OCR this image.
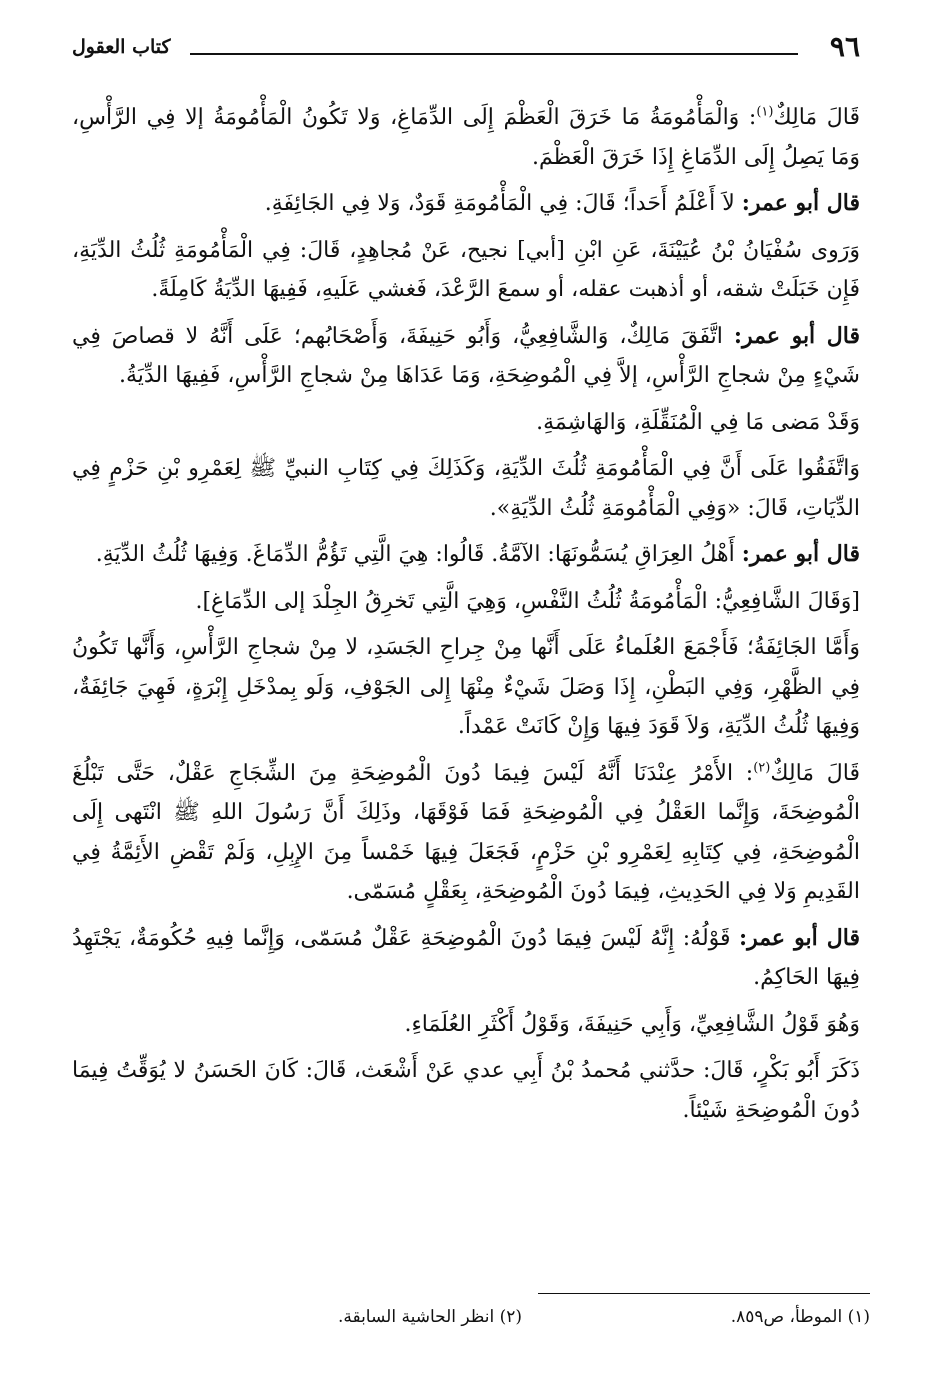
٩٦
كتاب العقول

قَالَ مَالِكٌ$^{(١)}$: وَالْمَأْمُومَةُ مَا خَرَقَ الْعَظْمَ إِلَى الدِّمَاغِ، وَلا تَكُونُ الْمَأْمُومَةُ إلا فِي الرَّأْسِ، وَمَا يَصِلُ إِلَى الدِّمَاغِ إِذَا خَرَقَ الْعَظْمَ.

قال أبو عمر: لاَ أَعْلَمُ أَحَداً؛ قَالَ: فِي الْمَأْمُومَةِ قَوَدٌ، وَلا فِي الجَائِفَةِ.

وَرَوى سُفْيَانُ بْنُ عُيَيْنَةَ، عَنِ ابْنِ [أبي] نجيح، عَنْ مُجاهِدٍ، قَالَ: فِي الْمَأْمُومَةِ ثُلُثُ الدِّيَةِ، فَإِن خَبَلَتْ شقه، أو أذهبت عقله، أو سمعَ الرَّعْدَ، فَغشي عَلَيهِ، فَفِيهَا الدِّيَةُ كَامِلَةً.

قال أبو عمر: اتَّفَقَ مَالِكٌ، وَالشَّافِعِيُّ، وَأَبُو حَنِيفَةَ، وَأَصْحَابُهم؛ عَلَى أَنَّهُ لا قصاصَ فِي شَيْءٍ مِنْ شجاجِ الرَّأْسِ، إلاَّ فِي الْمُوضِحَةِ، وَمَا عَدَاهَا مِنْ شجاجِ الرَّأْسِ، فَفِيهَا الدِّيَةُ.

وَقَدْ مَضى مَا فِي الْمُنَقِّلَةِ، وَالهَاشِمَةِ.

وَاتَّفَقُوا عَلَى أَنَّ فِي الْمَأْمُومَةِ ثُلُثَ الدِّيَةِ، وَكَذَلِكَ فِي كِتَابِ النبيِّ ﷺ لِعَمْرِو بْنِ حَزْمٍ فِي الدِّيَاتِ، قَالَ: «وَفِي الْمَأْمُومَةِ ثُلُثُ الدِّيَةِ».

قال أبو عمر: أَهْلُ العِرَاقِ يُسَمُّونَهَا: الآمَّةُ. قَالُوا: هِيَ الَّتِي تَؤُمُّ الدِّمَاغَ. وَفِيهَا ثُلُثُ الدِّيَةِ.

[وَقَالَ الشَّافِعِيُّ: الْمَأْمُومَةُ ثُلُثُ النَّفْسِ، وَهِيَ الَّتِي تَخرِقُ الجِلْدَ إلى الدِّمَاغِ].

وَأَمَّا الجَائِفَةُ؛ فَأَجْمَعَ العُلَماءُ عَلَى أَنَّها مِنْ جِراحِ الجَسَدِ، لا مِنْ شجاجِ الرَّأْسِ، وَأَنَّها تَكُونُ فِي الظَّهْرِ، وَفِي البَطْنِ، إِذَا وَصَلَ شَيْءٌ مِنْهَا إِلى الجَوْفِ، وَلَو بِمدْخَلِ إِبْرَةٍ، فَهِيَ جَائِفَةٌ، وَفِيهَا ثُلُثُ الدِّيَةِ، وَلاَ قَوَدَ فِيهَا وَإِنْ كَانَتْ عَمْداً.

قَالَ مَالِكٌ$^{(٢)}$: الأَمْرُ عِنْدَنَا أَنَّهُ لَيْسَ فِيمَا دُونَ الْمُوضِحَةِ مِنَ الشِّجَاجِ عَقْلٌ، حَتَّى تَبْلُغَ الْمُوضِحَةَ، وَإِنَّما العَقْلُ فِي الْمُوضِحَةِ فَمَا فَوْقَهَا، وذَلِكَ أَنَّ رَسُولَ اللهِ ﷺ انْتَهى إِلَى الْمُوضِحَةِ، فِي كِتَابِهِ لِعَمْرِو بْنِ حَزْمٍ، فَجَعَلَ فِيهَا خَمْساً مِنَ الإِبِلِ، وَلَمْ تَقْضِ الأَئِمَّةُ فِي القَدِيمِ وَلا فِي الحَدِيثِ، فِيمَا دُونَ الْمُوضِحَةِ، بِعَقْلٍ مُسَمّى.

قال أبو عمر: قَوْلُهُ: إِنَّهُ لَيْسَ فِيمَا دُونَ الْمُوضِحَةِ عَقْلٌ مُسَمّى، وَإِنَّما فِيهِ حُكُومَةٌ، يَجْتَهِدُ فِيهَا الحَاكِمُ.

وَهُوَ قَوْلُ الشَّافِعِيِّ، وَأَبِي حَنِيفَةَ، وَقَوْلُ أَكْثَرِ العُلَمَاءِ.

ذَكَرَ أَبُو بَكْرٍ، قَالَ: حدَّثني مُحمدُ بْنُ أَبِي عدي عَنْ أَشْعَث، قَالَ: كَانَ الحَسَنُ لا يُوَقِّتُ فِيمَا دُونَ الْمُوضِحَةِ شَيْئاً.

(١) الموطأ، ص٨٥٩.
(٢) انظر الحاشية السابقة.
